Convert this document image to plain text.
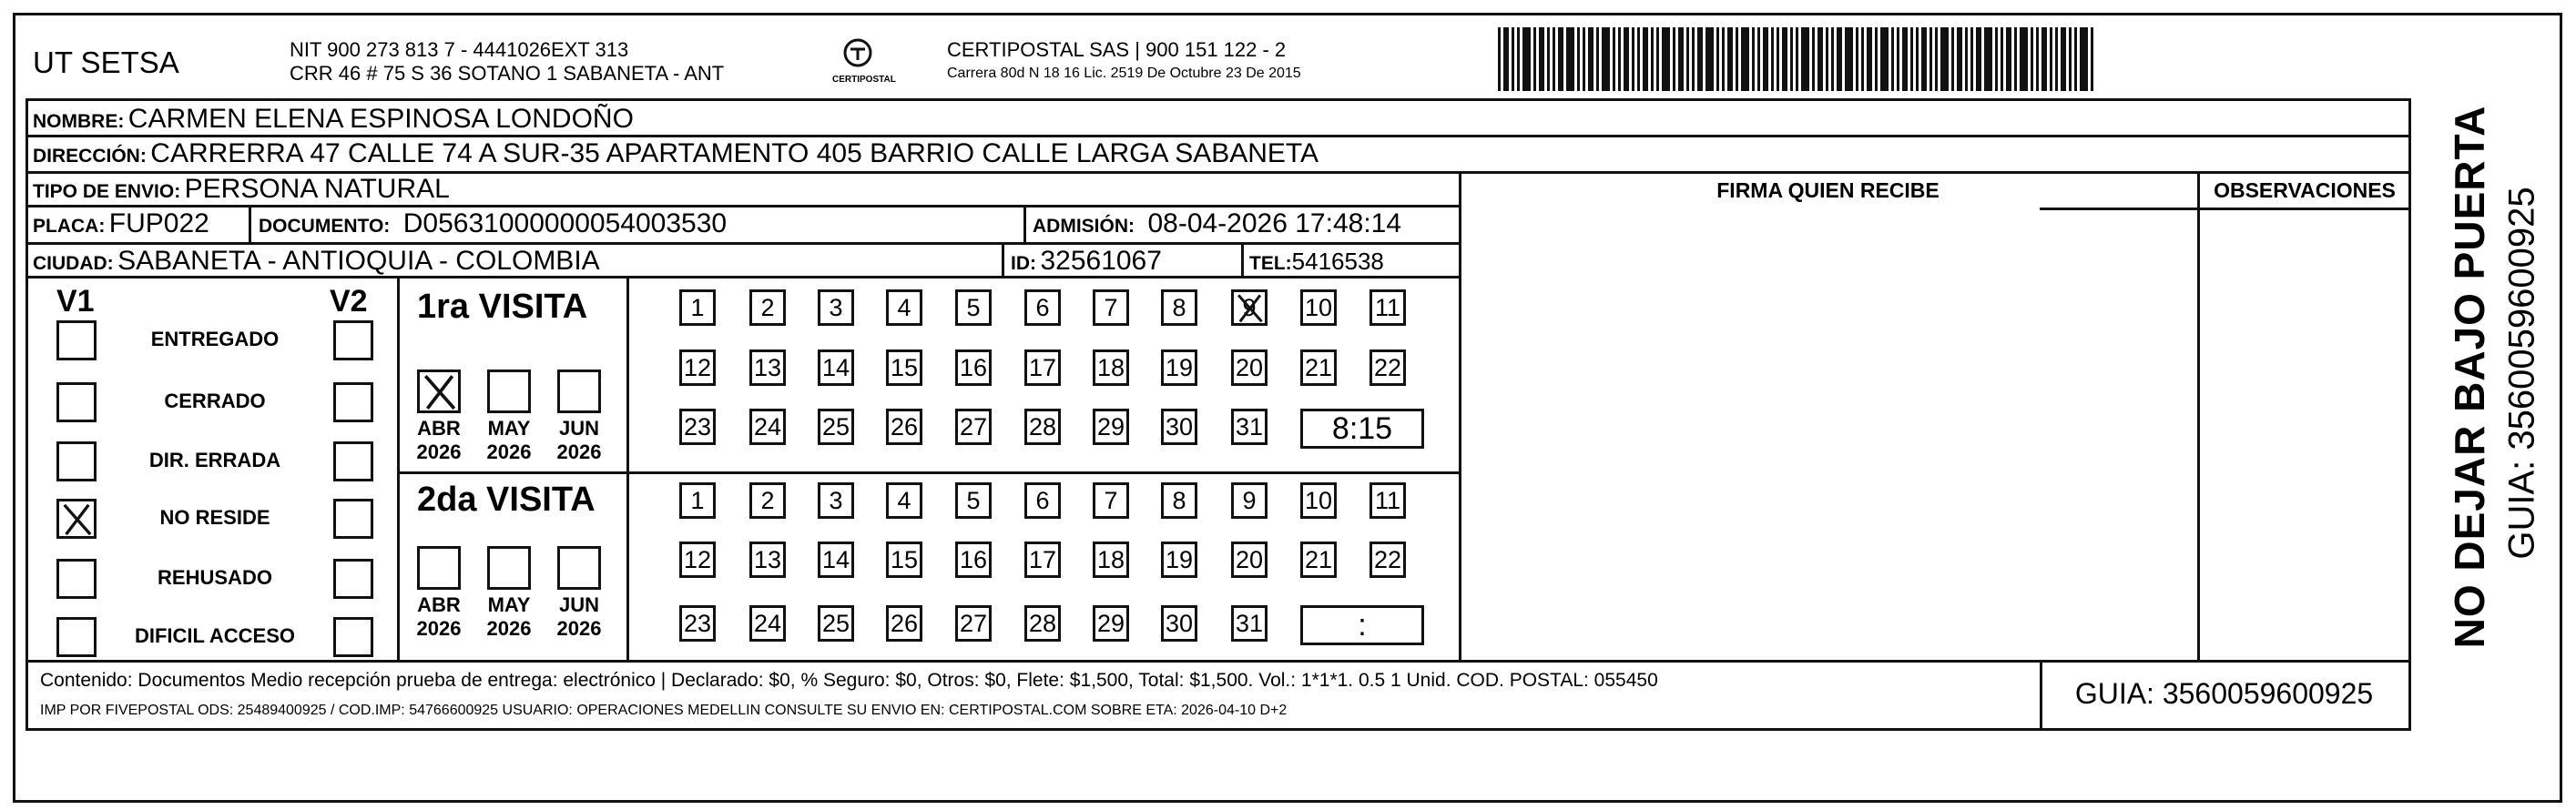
UT SETSA	NIT 900 273 813 7 - 4441026EXT 313
CRR 46 # 75 S 36 SOTANO 1 SABANETA - ANT	CERTIPOSTAL
CERTIPOSTAL SAS | 900 151 122 - 2
Carrera 80d N 18 16 Lic. 2519 De Octubre 23 De 2015
NOMBRE: CARMEN ELENA ESPINOSA LONDOÑO
DIRECCIÓN: CARRERRA 47 CALLE 74 A SUR-35 APARTAMENTO 405 BARRIO CALLE LARGA SABANETA
TIPO DE ENVIO: PERSONA NATURAL
PLACA: FUP022	DOCUMENTO: D05631000000054003530	ADMISIÓN: 08-04-2026 17:48:14
CIUDAD: SABANETA - ANTIOQUIA - COLOMBIA	ID: 32561067	TEL:5416538
FIRMA QUIEN RECIBE	OBSERVACIONES
V1	V2 1ra VISITA
2da VISITA
Contenido: Documentos Medio recepción prueba de entrega: electrónico | Declarado: $0, % Seguro: $0, Otros: $0, Flete: $1,500, Total: $1,500. Vol.: 1*1*1. 0.5 1 Unid. COD. POSTAL: 055450
IMP POR FIVEPOSTAL ODS: 25489400925 / COD.IMP: 54766600925 USUARIO: OPERACIONES MEDELLIN CONSULTE SU ENVIO EN: CERTIPOSTAL.COM SOBRE ETA: 2026-04-10 D+2
GUIA: 3560059600925
NO DEJAR BAJO PUERTA GUIA: 3560059600925
ENTREGADO
CERRADO
DIR. ERRADA
NO RESIDE
REHUSADO
DIFICIL ACCESO
ABR
2026
MAY
2026
JUN
2026
ABR
2026
MAY
2026
JUN
2026
1	2	3	4	5	6	7	8	9	10 11
12 13 14 15 16 17 18 19 20 21 22
23 24 25 26 27 28 29 30 31	8:15
1	2	3	4	5	6	7	8	9	10 11
12 13 14 15 16 17 18 19 20 21 22
23 24 25 26 27 28 29 30 31	:
